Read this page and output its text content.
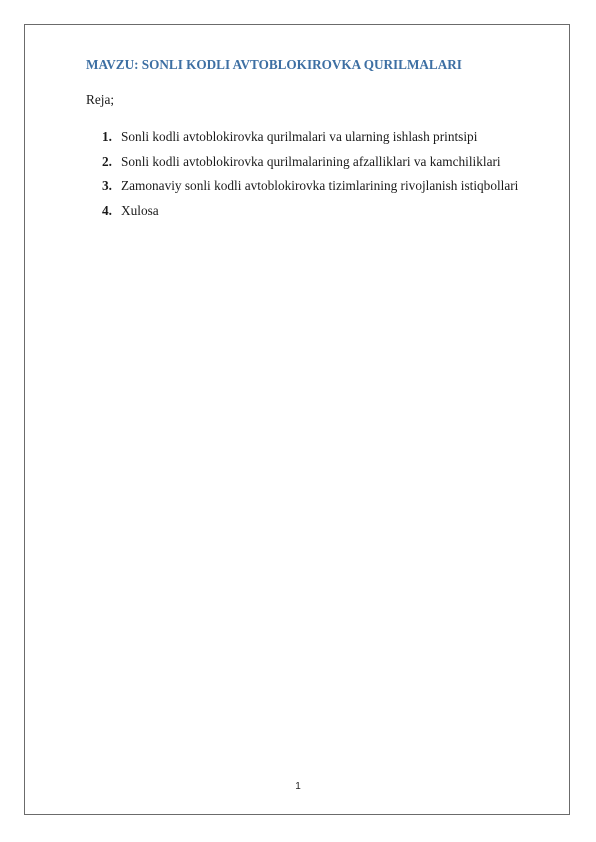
MAVZU: SONLI KODLI AVTOBLOKIROVKA QURILMALARI
Reja;
1. Sonli kodli avtoblokirovka qurilmalari va ularning ishlash printsipi
2. Sonli kodli avtoblokirovka qurilmalarining afzalliklari va kamchiliklari
3. Zamonaviy sonli kodli avtoblokirovka tizimlarining rivojlanish istiqbollari
4. Xulosa
1
